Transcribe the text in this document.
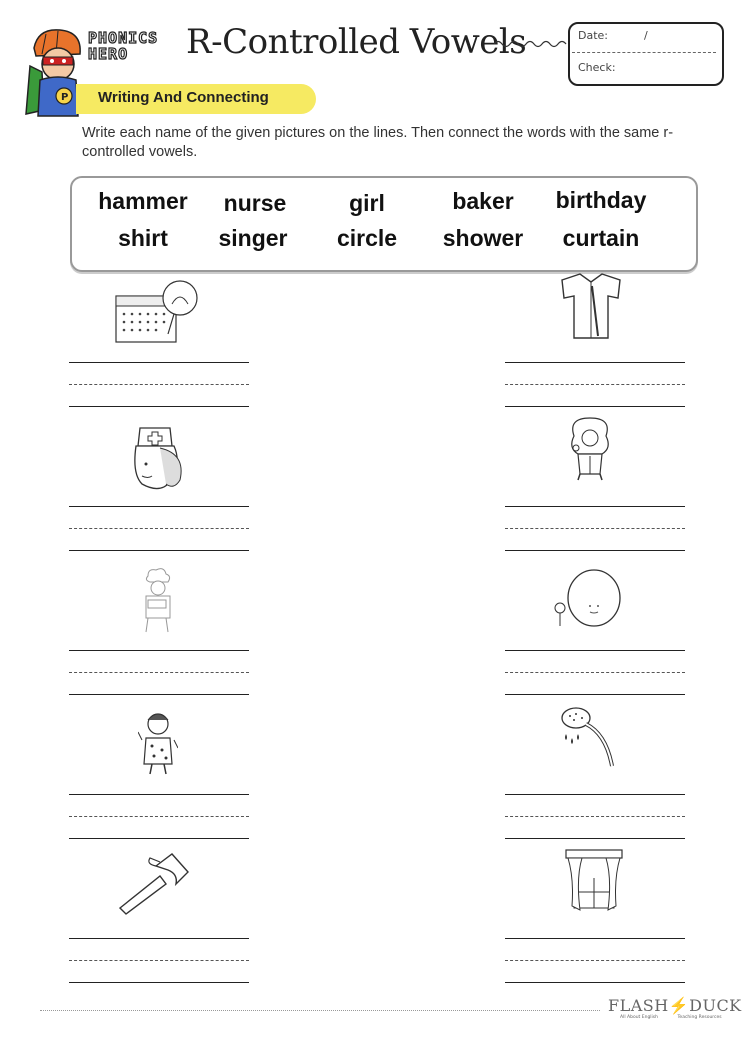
P
PHONICS
HERO	R-Controlled Vowels	Date:	/
Check:
Writing And Connecting
Write each name of the given pictures on the lines. Then connect the words with the same r-controlled vowels.
hammer	nurse	girl	baker	birthday
shirt	singer	circle	shower	curtain
FLASH⚡DUCK
All About English	Teaching Resources
